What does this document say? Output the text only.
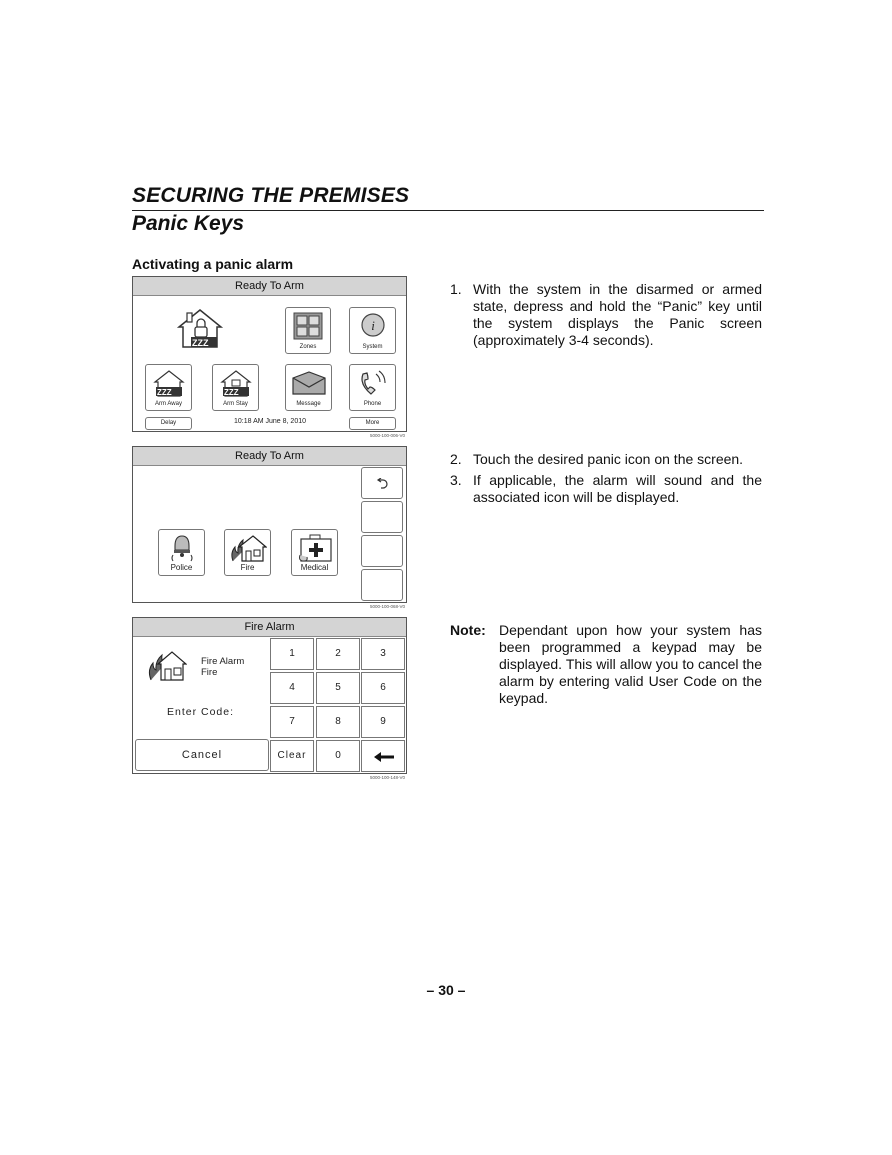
SECURING THE PREMISES
Panic Keys
Activating a panic alarm
Ready To Arm
ZZZ	Zones
i
System
ZZZ
Arm Away
ZZZ
Arm Stay	Message	Phone
Delay	10:18 AM June 8, 2010	More
5000-100-006-V0
Ready To Arm
Police	Fire	Medical
5000-100-068-V0
Fire Alarm
Fire Alarm
Fire
Enter Code:
Cancel
1	2	3
4	5	6
7	8	9
Clear	0
5000-100-148-V0
1. With the system in the disarmed or armed state, depress and hold the “Panic” key until the system displays the Panic screen (approximately 3-4 seconds).
2. Touch the desired panic icon on the screen.
3. If applicable, the alarm will sound and the associated icon will be displayed.
Note: Dependant upon how your system has been programmed a keypad may be displayed. This will allow you to cancel the alarm by entering valid User Code on the keypad.
– 30 –
